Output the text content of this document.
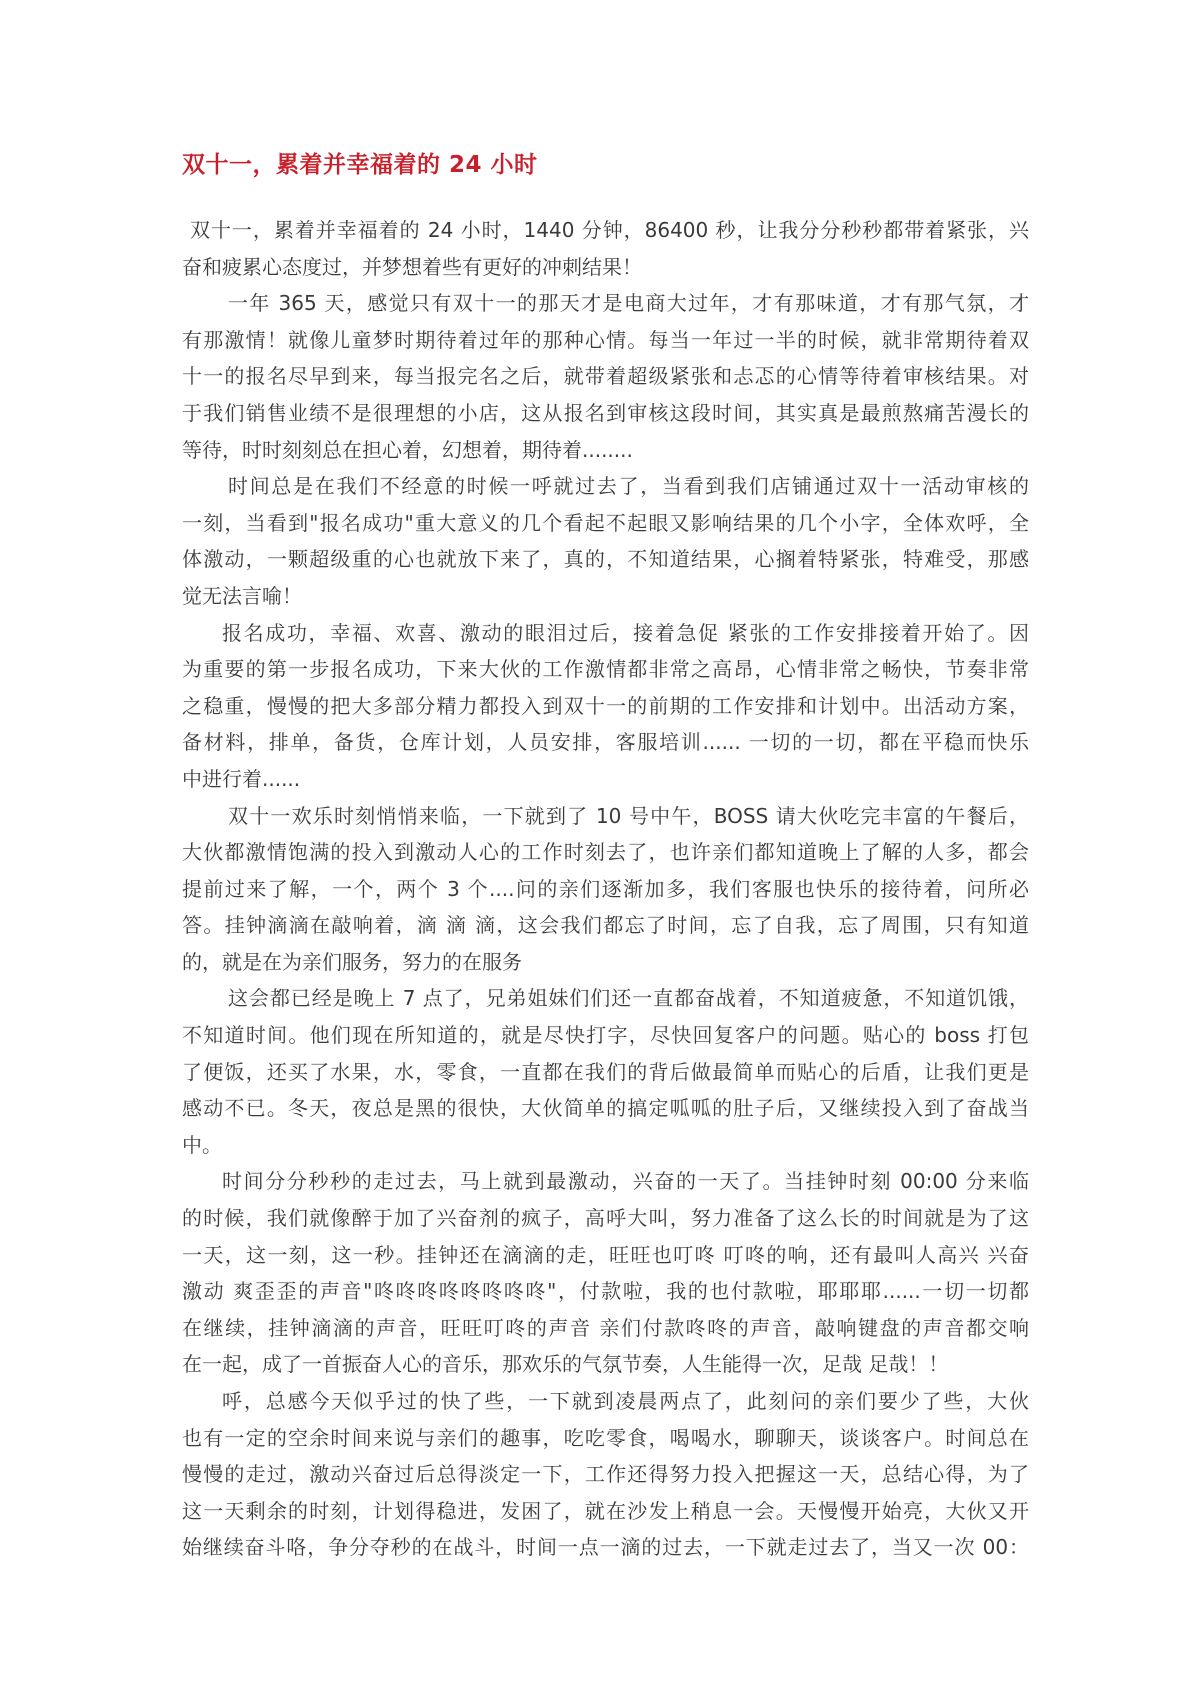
双十一，累着并幸福着的 24 小时
双十一，累着并幸福着的 24 小时，1440 分钟，86400 秒，让我分分秒秒都带着紧张，兴
奋和疲累心态度过，并梦想着些有更好的冲刺结果！
一年 365 天，感觉只有双十一的那天才是电商大过年，才有那味道，才有那气氛，才
有那激情！就像儿童梦时期待着过年的那种心情。每当一年过一半的时候，就非常期待着双
十一的报名尽早到来，每当报完名之后，就带着超级紧张和忐忑的心情等待着审核结果。对
于我们销售业绩不是很理想的小店，这从报名到审核这段时间，其实真是最煎熬痛苦漫长的
等待，时时刻刻总在担心着，幻想着，期待着........
时间总是在我们不经意的时候一呼就过去了，当看到我们店铺通过双十一活动审核的
一刻，当看到"报名成功"重大意义的几个看起不起眼又影响结果的几个小字，全体欢呼，全
体激动，一颗超级重的心也就放下来了，真的，不知道结果，心搁着特紧张，特难受，那感
觉无法言喻！
报名成功，幸福、欢喜、激动的眼泪过后，接着急促 紧张的工作安排接着开始了。因
为重要的第一步报名成功，下来大伙的工作激情都非常之高昂，心情非常之畅快，节奏非常
之稳重，慢慢的把大多部分精力都投入到双十一的前期的工作安排和计划中。出活动方案，
备材料，排单，备货，仓库计划，人员安排，客服培训...... 一切的一切，都在平稳而快乐
中进行着......
双十一欢乐时刻悄悄来临，一下就到了 10 号中午，BOSS 请大伙吃完丰富的午餐后，
大伙都激情饱满的投入到激动人心的工作时刻去了，也许亲们都知道晚上了解的人多，都会
提前过来了解，一个，两个 3 个....问的亲们逐渐加多，我们客服也快乐的接待着，问所必
答。挂钟滴滴在敲响着，滴 滴 滴，这会我们都忘了时间，忘了自我，忘了周围，只有知道
的，就是在为亲们服务，努力的在服务
这会都已经是晚上 7 点了，兄弟姐妹们们还一直都奋战着，不知道疲惫，不知道饥饿，
不知道时间。他们现在所知道的，就是尽快打字，尽快回复客户的问题。贴心的 boss 打包
了便饭，还买了水果，水，零食，一直都在我们的背后做最简单而贴心的后盾，让我们更是
感动不已。冬天，夜总是黑的很快，大伙简单的搞定呱呱的肚子后，又继续投入到了奋战当
中。
时间分分秒秒的走过去，马上就到最激动，兴奋的一天了。当挂钟时刻 00:00 分来临
的时候，我们就像醉于加了兴奋剂的疯子，高呼大叫，努力准备了这么长的时间就是为了这
一天，这一刻，这一秒。挂钟还在滴滴的走，旺旺也叮咚 叮咚的响，还有最叫人高兴 兴奋
激动 爽歪歪的声音"咚咚咚咚咚咚咚咚"，付款啦，我的也付款啦，耶耶耶......一切一切都
在继续，挂钟滴滴的声音，旺旺叮咚的声音 亲们付款咚咚的声音，敲响键盘的声音都交响
在一起，成了一首振奋人心的音乐，那欢乐的气氛节奏，人生能得一次，足哉 足哉！！
呼，总感今天似乎过的快了些，一下就到凌晨两点了，此刻问的亲们要少了些，大伙
也有一定的空余时间来说与亲们的趣事，吃吃零食，喝喝水，聊聊天，谈谈客户。时间总在
慢慢的走过，激动兴奋过后总得淡定一下，工作还得努力投入把握这一天，总结心得，为了
这一天剩余的时刻，计划得稳进，发困了，就在沙发上稍息一会。天慢慢开始亮，大伙又开
始继续奋斗咯，争分夺秒的在战斗，时间一点一滴的过去，一下就走过去了，当又一次 00：
